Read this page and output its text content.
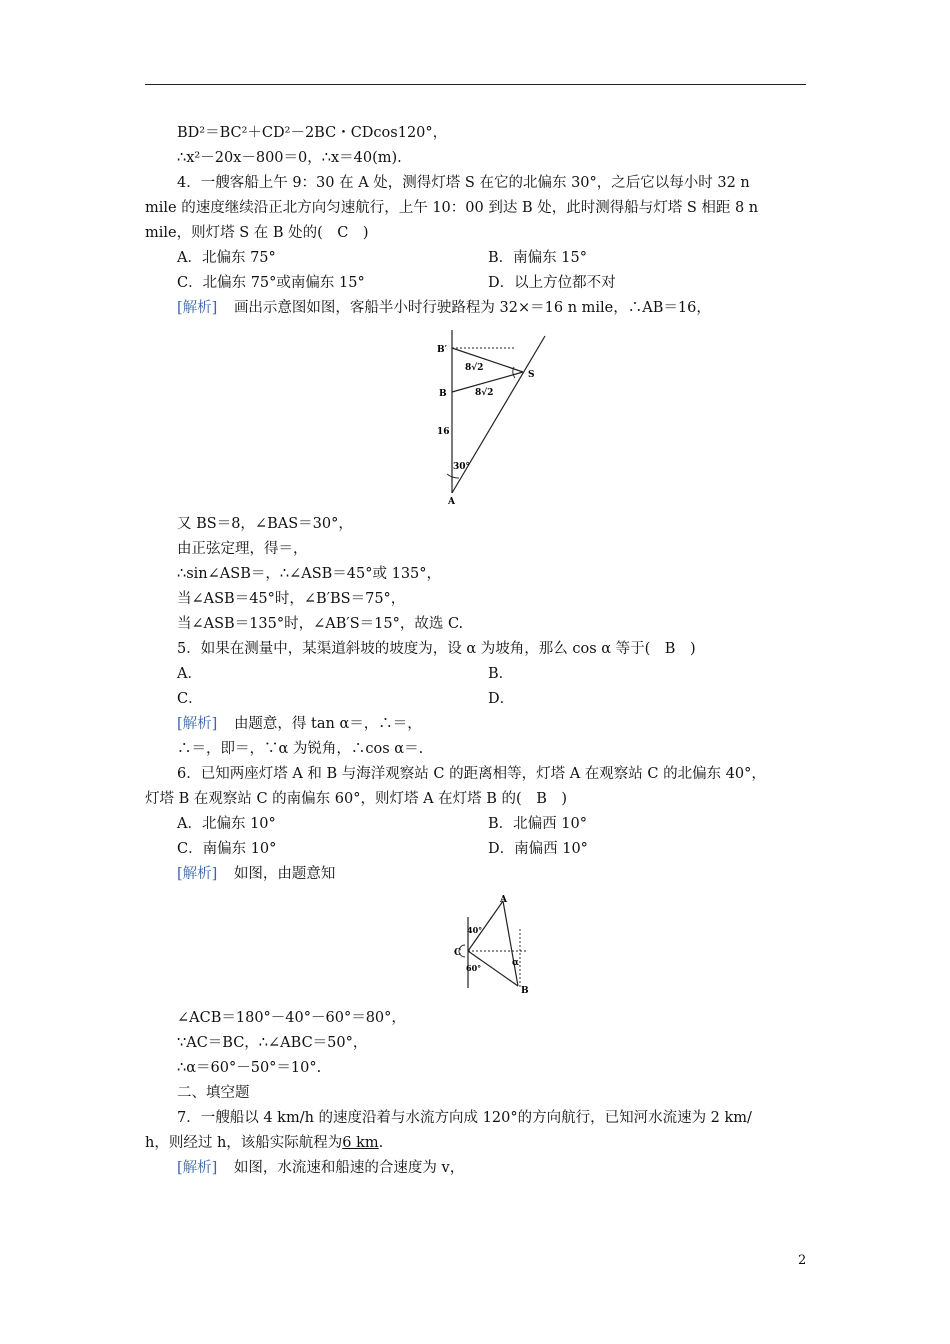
BD²＝BC²＋CD²－2BC・CDcos120°，
∴x²－20x－800＝0，∴x＝40(m).
4．一艘客船上午 9：30 在 A 处，测得灯塔 S 在它的北偏东 30°，之后它以每小时 32 n
mile 的速度继续沿正北方向匀速航行，上午 10：00 到达 B 处，此时测得船与灯塔 S 相距 8 n
mile，则灯塔 S 在 B 处的(　C　)
A．北偏东 75°	B．南偏东 15°
C．北偏东 75°或南偏东 15°	D．以上方位都不对
[解析] 画出示意图如图，客船半小时行驶路程为 32×＝16 n mile，∴AB＝16，
B′
B
16
30°
A
S
8√2
8√2
又 BS＝8，∠BAS＝30°，
由正弦定理，得＝，
∴sin∠ASB＝，∴∠ASB＝45°或 135°，
当∠ASB＝45°时，∠B′BS＝75°，
当∠ASB＝135°时，∠AB′S＝15°，故选 C.
5．如果在测量中，某渠道斜坡的坡度为，设 α 为坡角，那么 cos α 等于(　B　)
A．	B．
C．	D．
[解析] 由题意，得 tan α＝，∴＝，
∴＝，即＝，∵α 为锐角，∴cos α＝.
6．已知两座灯塔 A 和 B 与海洋观察站 C 的距离相等，灯塔 A 在观察站 C 的北偏东 40°，
灯塔 B 在观察站 C 的南偏东 60°，则灯塔 A 在灯塔 B 的(　B　)
A．北偏东 10°	B．北偏西 10°
C．南偏东 10°	D．南偏西 10°
[解析] 如图，由题意知
A
C
40°
60°	α
B
∠ACB＝180°－40°－60°＝80°，
∵AC＝BC，∴∠ABC＝50°，
∴α＝60°－50°＝10°.
二、填空题
7．一艘船以 4 km/h 的速度沿着与水流方向成 120°的方向航行，已知河水流速为 2 km/
h，则经过 h，该船实际航程为6 km.
[解析] 如图，水流速和船速的合速度为 v，
2
